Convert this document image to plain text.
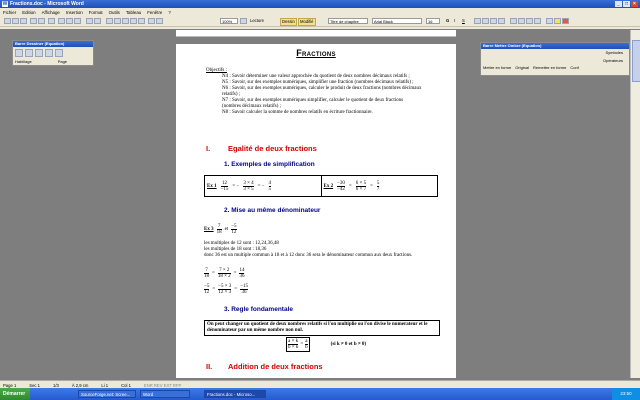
W Fractions.doc - Microsoft Word	_	□	×
Fichier	Edition	Affichage	Insertion	Format	Outils	Tableau	Fenêtre	?
100%	Lecture	Dessin	Modifié	Titre de chapitre	Arial Black	16	G I S
Barre Dessiner (Equation)
Habillage	Page
Barre Mettre Ombre (Equation)
Symboles
Opérateurs
Mettre en forme Original Remettre en forme Conf
Fractions
Objectifs :
N4 : Savoir déterminer une valeur approchée du quotient de deux nombres décimaux relatifs ;
N5 : Savoir, sur des exemples numériques, simplifier une fraction (nombres décimaux relatifs) ;
N6 : Savoir, sur des exemples numériques, calculer le produit de deux fractions (nombres décimaux relatifs) ;
N7 : Savoir, sur des exemples numériques simplifier, calculer le quotient de deux fractions (nombres décimaux relatifs) ;
N8 : Savoir calculer la somme de nombres relatifs en écriture fractionnaire.
I. Egalité de deux fractions
1. Exemples de simplification
Ex $1 \frac{12}{-15}$ = − $\frac{3 \times 4}{3 \times 5}$ = − $\frac{4}{5}$	Ex $2 \frac{-30}{-42} = \frac{6 \times 5}{6 \times 7} = \frac{5}{7}$
2. Mise au même dénominateur
Ex $3 \frac{7}{18}$ et $\frac{-5}{12}$
les multiples de 12 sont : 12,24,36,48
les multiples de 18 sont : 18,36
donc 36 est un multiple commun à 18 et à 12 donc 36 sera le dénominateur commun aux deux fractions.
$\frac{7}{18} = \frac{7 \times 2}{18 \times 2} = \frac{14}{36}$
$\frac{-5}{12} = \frac{-5 \times 3}{12 \times 3} = \frac{-15}{36}$
3. Regle fondamentale
On peut changer un quotient de deux nombres relatifs si l'on multiplie ou l'on divise le numerateur et le dénominateur par un même nombre non nul.
$\frac{a \times k}{b \times k} = \frac{a}{b}$	(si k ≠ 0 et b ≠ 0)
II. Addition de deux fractions
Page 1	Sec 1	1/3	À 2,9 cm	Li 1	Col 1	ENR REV EXT RFP
Démarrer	SourceForge.net: Scree...	Word	Fractions.doc - Microso...	23:50
